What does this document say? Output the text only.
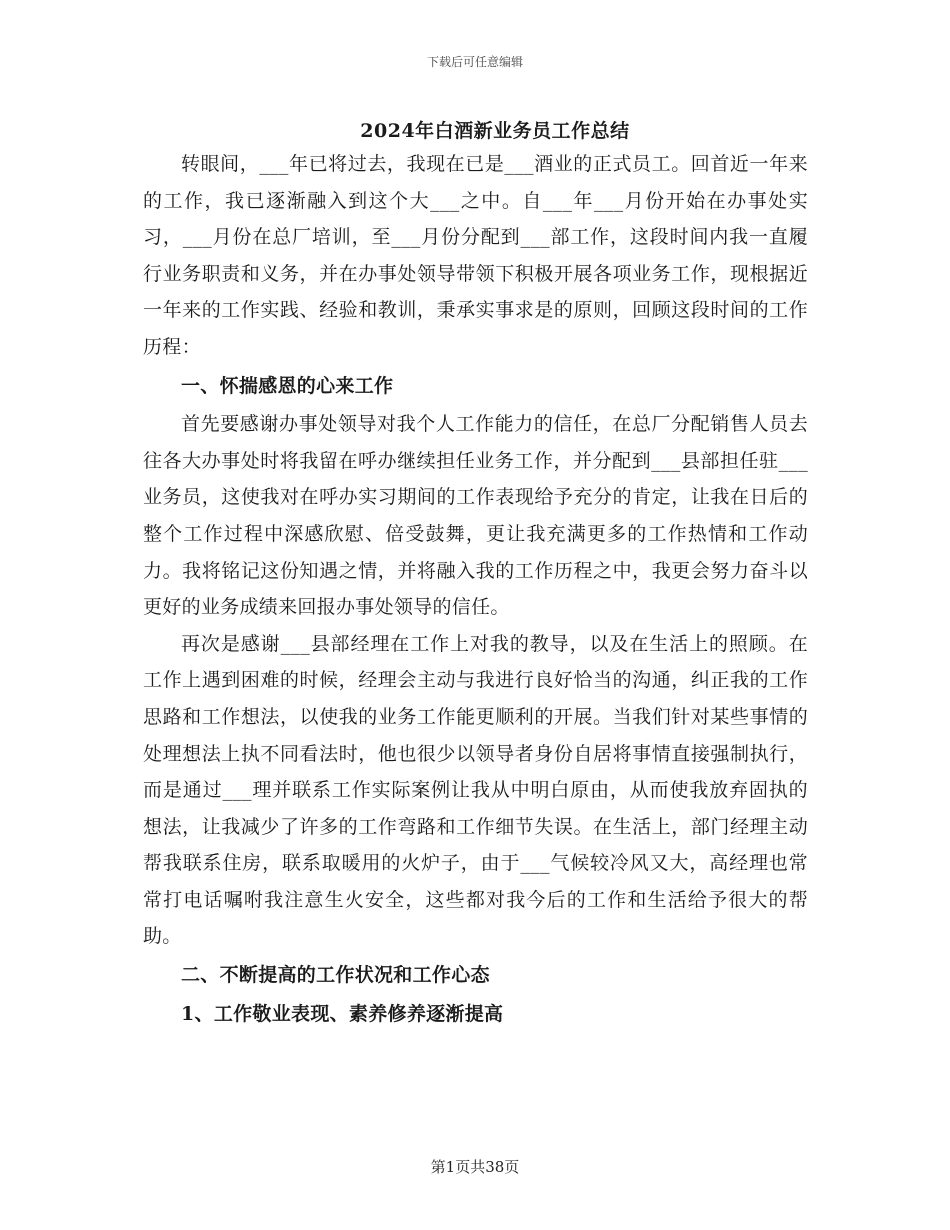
下载后可任意编辑
2024年白酒新业务员工作总结

转眼间，___年已将过去，我现在已是___酒业的正式员工。回首近一年来的工作，我已逐渐融入到这个大___之中。自___年___月份开始在办事处实习，___月份在总厂培训，至___月份分配到___部工作，这段时间内我一直履行业务职责和义务，并在办事处领导带领下积极开展各项业务工作，现根据近一年来的工作实践、经验和教训，秉承实事求是的原则，回顾这段时间的工作历程：

一、怀揣感恩的心来工作

首先要感谢办事处领导对我个人工作能力的信任，在总厂分配销售人员去往各大办事处时将我留在呼办继续担任业务工作，并分配到___县部担任驻___业务员，这使我对在呼办实习期间的工作表现给予充分的肯定，让我在日后的整个工作过程中深感欣慰、倍受鼓舞，更让我充满更多的工作热情和工作动力。我将铭记这份知遇之情，并将融入我的工作历程之中，我更会努力奋斗以更好的业务成绩来回报办事处领导的信任。

再次是感谢___县部经理在工作上对我的教导，以及在生活上的照顾。在工作上遇到困难的时候，经理会主动与我进行良好恰当的沟通，纠正我的工作思路和工作想法，以使我的业务工作能更顺利的开展。当我们针对某些事情的处理想法上执不同看法时，他也很少以领导者身份自居将事情直接强制执行，而是通过___理并联系工作实际案例让我从中明白原由，从而使我放弃固执的想法，让我减少了许多的工作弯路和工作细节失误。在生活上，部门经理主动帮我联系住房，联系取暖用的火炉子，由于___气候较冷风又大，高经理也常常打电话嘱咐我注意生火安全，这些都对我今后的工作和生活给予很大的帮助。

二、不断提高的工作状况和工作心态

1、工作敬业表现、素养修养逐渐提高

第1页共38页
